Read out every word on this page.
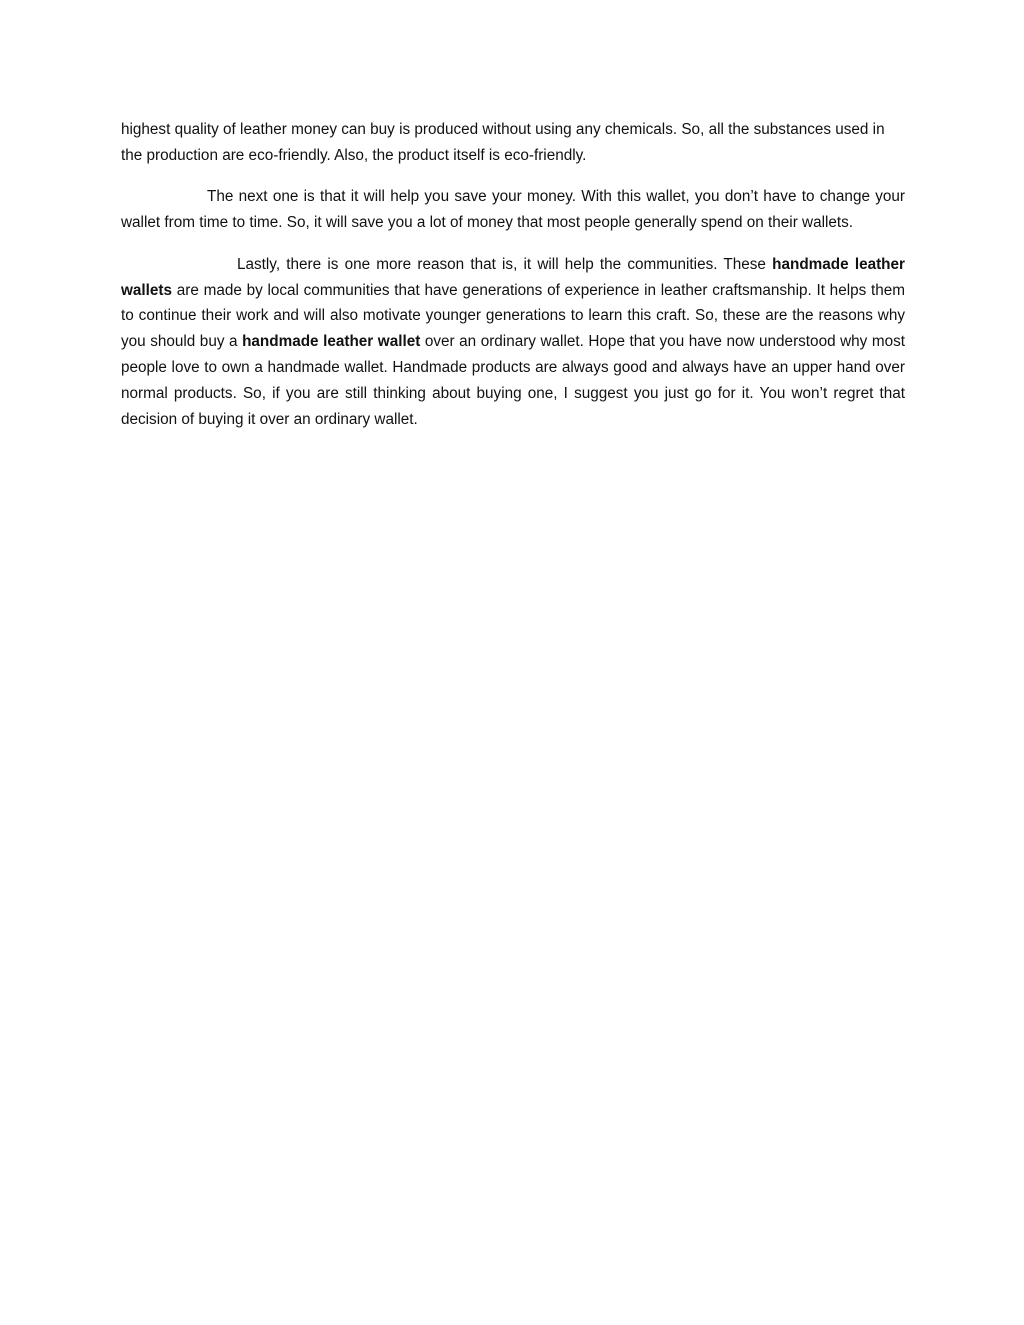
highest quality of leather money can buy is produced without using any chemicals. So, all the substances used in the production are eco-friendly. Also, the product itself is eco-friendly.

The next one is that it will help you save your money. With this wallet, you don’t have to change your wallet from time to time. So, it will save you a lot of money that most people generally spend on their wallets.

Lastly, there is one more reason that is, it will help the communities. These handmade leather wallets are made by local communities that have generations of experience in leather craftsmanship. It helps them to continue their work and will also motivate younger generations to learn this craft. So, these are the reasons why you should buy a handmade leather wallet over an ordinary wallet. Hope that you have now understood why most people love to own a handmade wallet. Handmade products are always good and always have an upper hand over normal products. So, if you are still thinking about buying one, I suggest you just go for it. You won’t regret that decision of buying it over an ordinary wallet.
